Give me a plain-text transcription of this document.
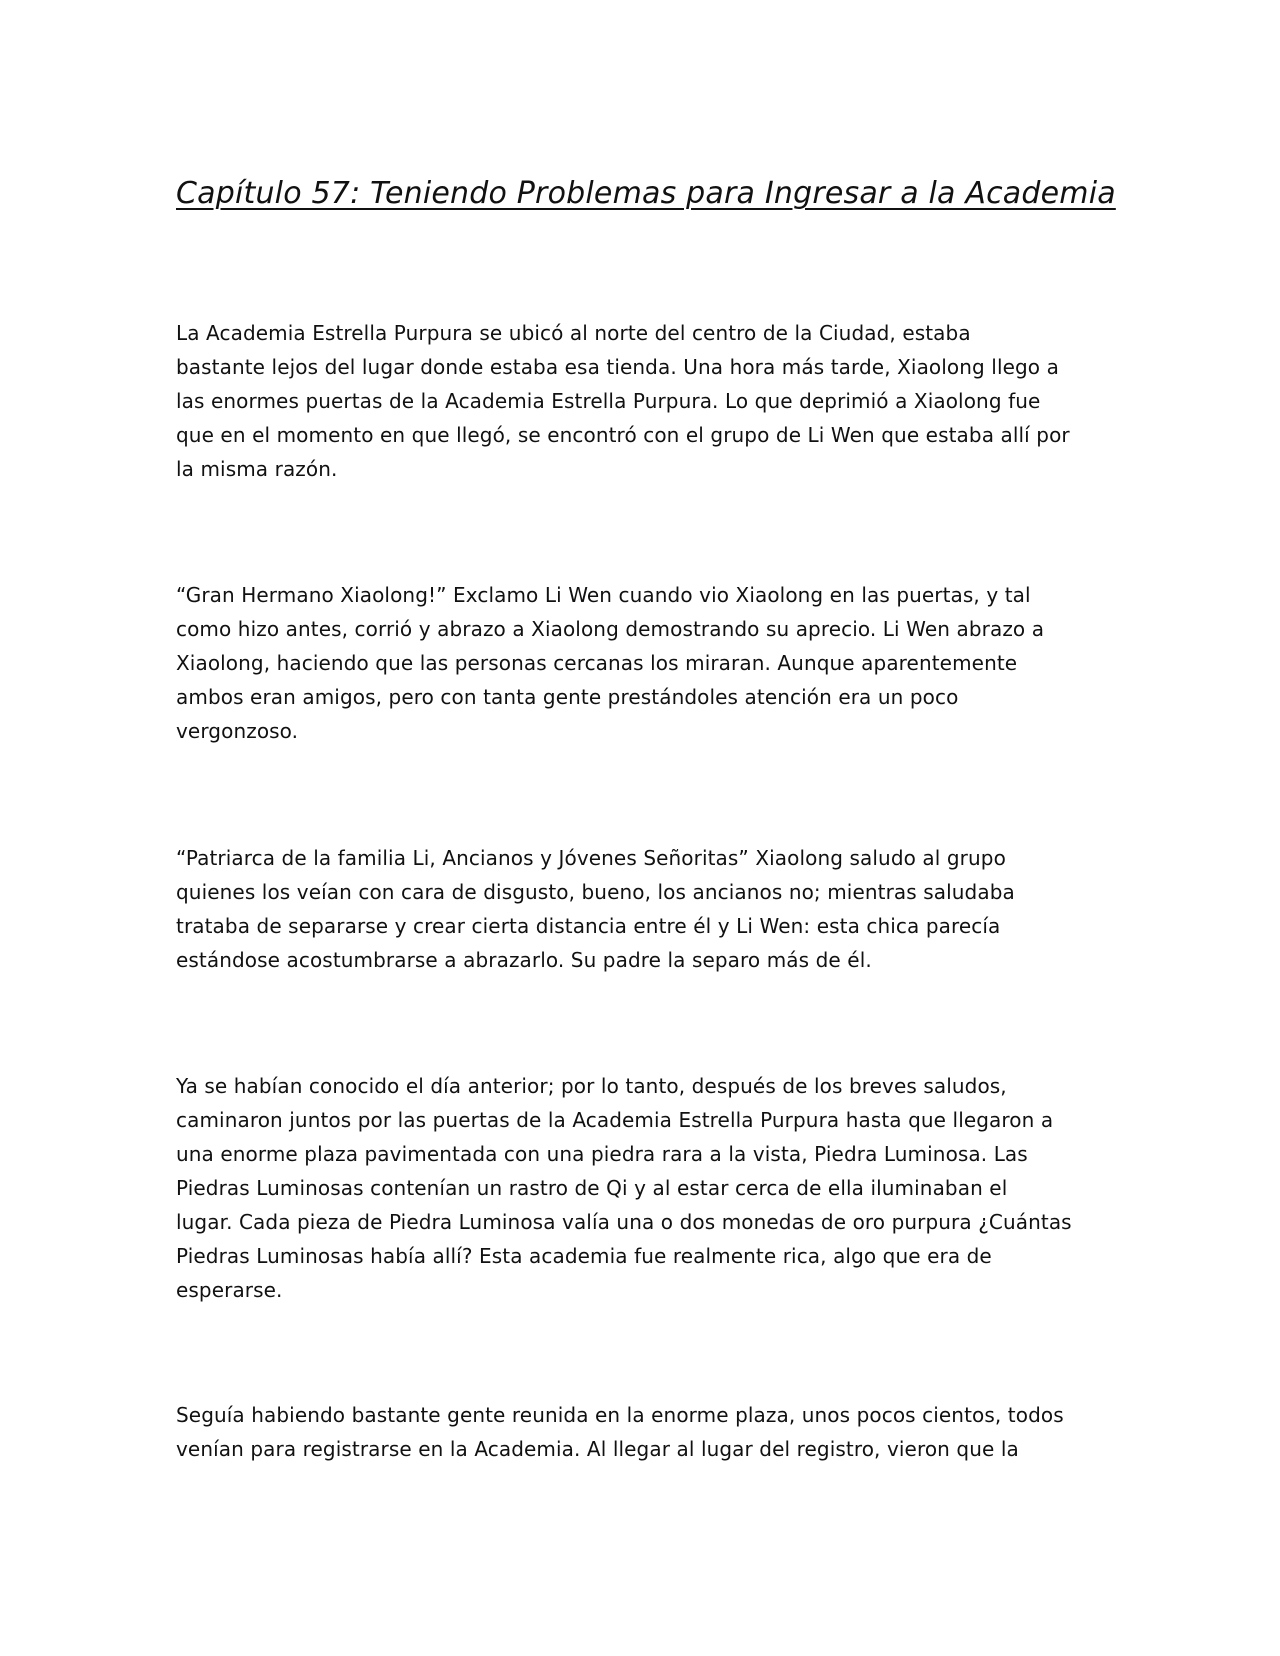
Capítulo 57: Teniendo Problemas para Ingresar a la Academia

La Academia Estrella Purpura se ubicó al norte del centro de la Ciudad, estaba
bastante lejos del lugar donde estaba esa tienda. Una hora más tarde, Xiaolong llego a
las enormes puertas de la Academia Estrella Purpura. Lo que deprimió a Xiaolong fue
que en el momento en que llegó, se encontró con el grupo de Li Wen que estaba allí por
la misma razón.

“Gran Hermano Xiaolong!” Exclamo Li Wen cuando vio Xiaolong en las puertas, y tal
como hizo antes, corrió y abrazo a Xiaolong demostrando su aprecio. Li Wen abrazo a
Xiaolong, haciendo que las personas cercanas los miraran. Aunque aparentemente
ambos eran amigos, pero con tanta gente prestándoles atención era un poco
vergonzoso.

“Patriarca de la familia Li, Ancianos y Jóvenes Señoritas” Xiaolong saludo al grupo
quienes los veían con cara de disgusto, bueno, los ancianos no; mientras saludaba
trataba de separarse y crear cierta distancia entre él y Li Wen: esta chica parecía
estándose acostumbrarse a abrazarlo. Su padre la separo más de él.

Ya se habían conocido el día anterior; por lo tanto, después de los breves saludos,
caminaron juntos por las puertas de la Academia Estrella Purpura hasta que llegaron a
una enorme plaza pavimentada con una piedra rara a la vista, Piedra Luminosa. Las
Piedras Luminosas contenían un rastro de Qi y al estar cerca de ella iluminaban el
lugar. Cada pieza de Piedra Luminosa valía una o dos monedas de oro purpura ¿Cuántas
Piedras Luminosas había allí? Esta academia fue realmente rica, algo que era de
esperarse.

Seguía habiendo bastante gente reunida en la enorme plaza, unos pocos cientos, todos
venían para registrarse en la Academia. Al llegar al lugar del registro, vieron que la
